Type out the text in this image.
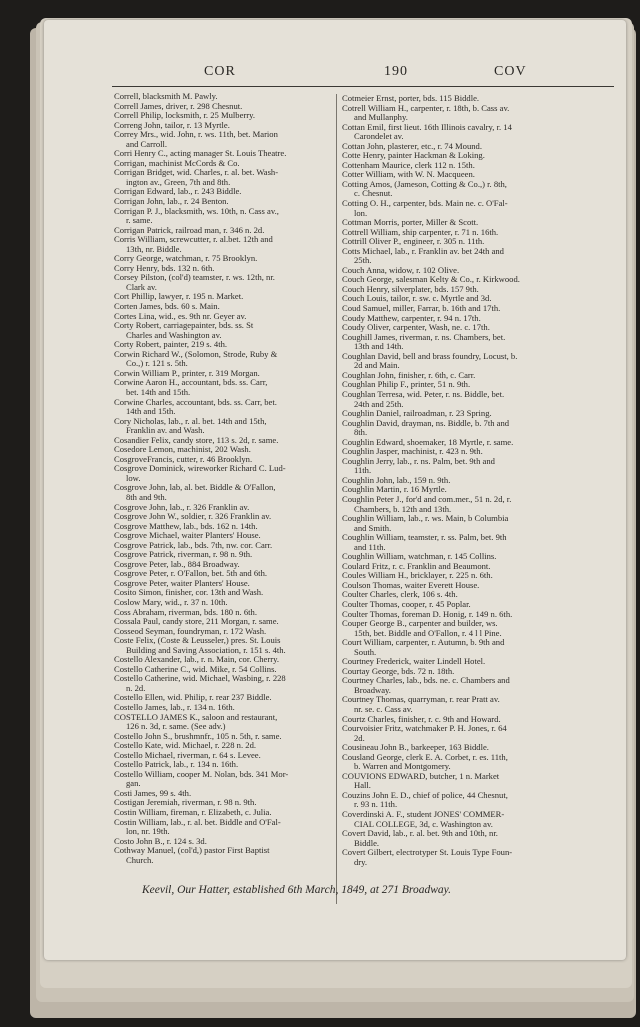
COR	190	COV
Correll, blacksmith M. Pawly.
Correll James, driver, r. 298 Chesnut.
Correll Philip, locksmith, r. 25 Mulberry.
Correng John, tailor, r. 13 Myrtle.
Correy Mrs., wid. John, r. ws. 11th, bet. Marion
and Carroll.
Corri Henry C., acting manager St. Louis Theatre.
Corrigan, machinist McCords & Co.
Corrigan Bridget, wid. Charles, r. al. bet. Wash-
ington av., Green, 7th and 8th.
Corrigan Edward, lab., r. 243 Biddle.
Corrigan John, lab., r. 24 Benton.
Corrigan P. J., blacksmith, ws. 10th, n. Cass av.,
r. same.
Corrigan Patrick, railroad man, r. 346 n. 2d.
Corris William, screwcutter, r. al.bet. 12th and
13th, nr. Biddle.
Corry George, watchman, r. 75 Brooklyn.
Corry Henry, bds. 132 n. 6th.
Corsey Pilston, (col'd) teamster, r. ws. 12th, nr.
Clark av.
Cort Phillip, lawyer, r. 195 n. Market.
Corten James, bds. 60 s. Main.
Cortes Lina, wid., es. 9th nr. Geyer av.
Corty Robert, carriagepainter, bds. ss. St
Charles and Washington av.
Corty Robert, painter, 219 s. 4th.
Corwin Richard W., (Solomon, Strode, Ruby &
Co.,) r. 121 s. 5th.
Corwin William P., printer, r. 319 Morgan.
Corwine Aaron H., accountant, bds. ss. Carr,
bet. 14th and 15th.
Corwine Charles, accountant, bds. ss. Carr, bet.
14th and 15th.
Cory Nicholas, lab., r. al. bet. 14th and 15th,
Franklin av. and Wash.
Cosandier Felix, candy store, 113 s. 2d, r. same.
Cosedore Lemon, machinist, 202 Wash.
CosgroveFrancis, cutter, r. 46 Brooklyn.
Cosgrove Dominick, wireworker Richard C. Lud-
low.
Cosgrove John, lab, al. bet. Biddle & O'Fallon,
8th and 9th.
Cosgrove John, lab., r. 326 Franklin av.
Cosgrove John W., soldier, r. 326 Franklin av.
Cosgrove Matthew, lab., bds. 162 n. 14th.
Cosgrove Michael, waiter Planters' House.
Cosgrove Patrick, lab., bds. 7th, nw. cor. Carr.
Cosgrove Patrick, riverman, r. 98 n. 9th.
Cosgrove Peter, lab., 884 Broadway.
Cosgrove Peter, r. O'Fallon, bet. 5th and 6th.
Cosgrove Peter, waiter Planters' House.
Cosito Simon, finisher, cor. 13th and Wash.
Coslow Mary, wid., r. 37 n. 10th.
Coss Abraham, riverman, bds. 180 n. 6th.
Cossala Paul, candy store, 211 Morgan, r. same.
Cosseod Seyman, foundryman, r. 172 Wash.
Coste Felix, (Coste & Leusseler,) pres. St. Louis
Building and Saving Association, r. 151 s. 4th.
Costello Alexander, lab., r. n. Main, cor. Cherry.
Costello Catherine C., wid. Mike, r. 54 Collins.
Costello Catherine, wid. Michael, Wasbing, r. 228
n. 2d.
Costello Ellen, wid. Philip, r. rear 237 Biddle.
Costello James, lab., r. 134 n. 16th.
COSTELLO JAMES K., saloon and restaurant,
126 n. 3d, r. same. (See adv.)
Costello John S., brushmnfr., 105 n. 5th, r. same.
Costello Kate, wid. Michael, r. 228 n. 2d.
Costello Michael, riverman, r. 64 s. Levee.
Costello Patrick, lab., r. 134 n. 16th.
Costello William, cooper M. Nolan, bds. 341 Mor-
gan.
Costi James, 99 s. 4th.
Costigan Jeremiah, riverman, r. 98 n. 9th.
Costin William, fireman, r. Elizabeth, c. Julia.
Costin William, lab., r. al. bet. Biddle and O'Fal-
lon, nr. 19th.
Costo John B., r. 124 s. 3d.
Cothway Manuel, (col'd,) pastor First Baptist
Church.
Cotmeier Ernst, porter, bds. 115 Biddle.
Cotrell William H., carpenter, r. 18th, b. Cass av.
and Mullanphy.
Cottan Emil, first lieut. 16th Illinois cavalry, r. 14
Carondelet av.
Cottan John, plasterer, etc., r. 74 Mound.
Cotte Henry, painter Hackman & Loking.
Cottenham Maurice, clerk 112 n. 15th.
Cotter William, with W. N. Macqueen.
Cotting Amos, (Jameson, Cotting & Co.,) r. 8th,
c. Chesnut.
Cotting O. H., carpenter, bds. Main ne. c. O'Fal-
lon.
Cottman Morris, porter, Miller & Scott.
Cottrell William, ship carpenter, r. 71 n. 16th.
Cottrill Oliver P., engineer, r. 305 n. 11th.
Cotts Michael, lab., r. Franklin av. bet 24th and
25th.
Couch Anna, widow, r. 102 Olive.
Couch George, salesman Kelty & Co., r. Kirkwood.
Couch Henry, silverplater, bds. 157 9th.
Couch Louis, tailor, r. sw. c. Myrtle and 3d.
Coud Samuel, miller, Farrar, b. 16th and 17th.
Coudy Matthew, carpenter, r. 94 n. 17th.
Coudy Oliver, carpenter, Wash, ne. c. 17th.
Coughill James, riverman, r. ns. Chambers, bet.
13th and 14th.
Coughlan David, bell and brass foundry, Locust, b.
2d and Main.
Coughlan John, finisher, r. 6th, c. Carr.
Coughlan Philip F., printer, 51 n. 9th.
Coughlan Terresa, wid. Peter, r. ns. Biddle, bet.
24th and 25th.
Coughlin Daniel, railroadman, r. 23 Spring.
Coughlin David, drayman, ns. Biddle, b. 7th and
8th.
Coughlin Edward, shoemaker, 18 Myrtle, r. same.
Coughlin Jasper, machinist, r. 423 n. 9th.
Coughlin Jerry, lab., r. ns. Palm, bet. 9th and
11th.
Coughlin John, lab., 159 n. 9th.
Coughlin Martin, r. 16 Myrtle.
Coughlin Peter J., for'd and com.mer., 51 n. 2d, r.
Chambers, b. 12th and 13th.
Coughlin William, lab., r. ws. Main, b Columbia
and Smith.
Coughlin William, teamster, r. ss. Palm, bet. 9th
and 11th.
Coughlin William, watchman, r. 145 Collins.
Coulard Fritz, r. c. Franklin and Beaumont.
Coules William H., bricklayer, r. 225 n. 6th.
Coulson Thomas, waiter Everett House.
Coulter Charles, clerk, 106 s. 4th.
Coulter Thomas, cooper, r. 45 Poplar.
Coulter Thomas, foreman D. Honig, r. 149 n. 6th.
Couper George B., carpenter and builder, ws.
15th, bet. Biddle and O'Fallon, r. 4 l l Pine.
Court William, carpenter, r. Autumn, b. 9th and
South.
Courtney Frederick, waiter Lindell Hotel.
Courtay George, bds. 72 n. 18th.
Courtney Charles, lab., bds. ne. c. Chambers and
Broadway.
Courtney Thomas, quarryman, r. rear Pratt av.
nr. se. c. Cass av.
Courtz Charles, finisher, r. c. 9th and Howard.
Courvoisier Fritz, watchmaker P. H. Jones, r. 64
2d.
Cousineau John B., barkeeper, 163 Biddle.
Cousland George, clerk E. A. Corbet, r. es. 11th,
b. Warren and Montgomery.
COUVIONS EDWARD, butcher, 1 n. Market
Hall.
Couzins John E. D., chief of police, 44 Chesnut,
r. 93 n. 11th.
Coverdinski A. F., student JONES' COMMER-
CIAL COLLEGE, 3d, c. Washington av.
Covert David, lab., r. al. bet. 9th and 10th, nr.
Biddle.
Covert Gilbert, electrotyper St. Louis Type Foun-
dry.
Keevil, Our Hatter, established 6th March, 1849, at 271 Broadway.
